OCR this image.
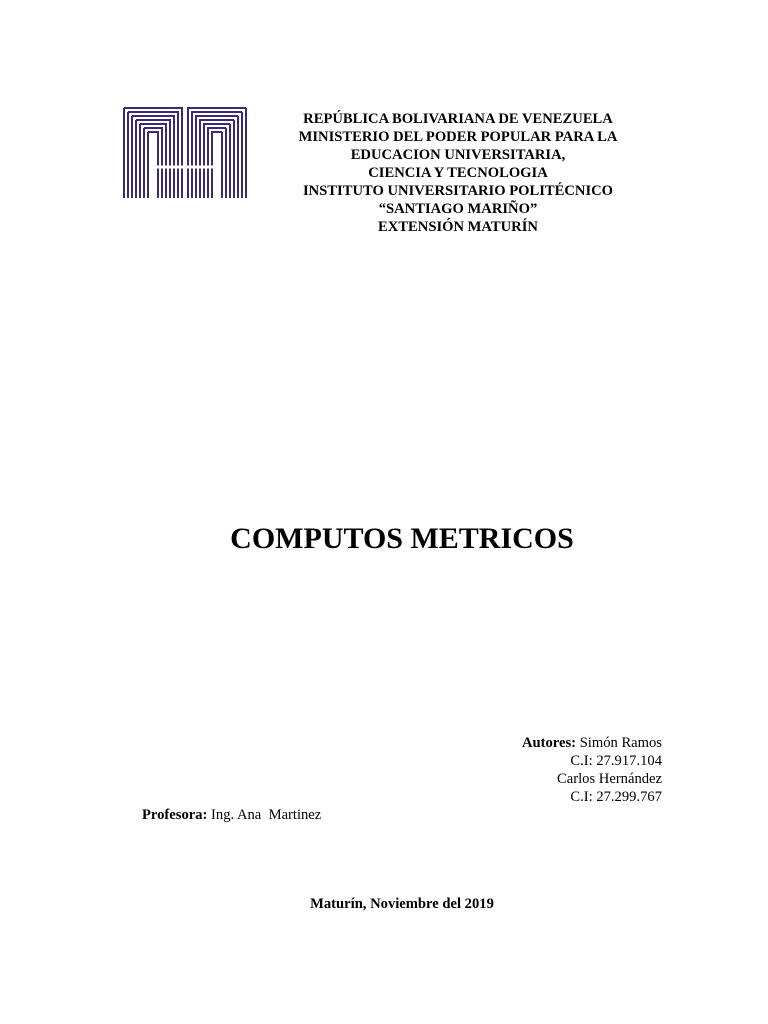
REPÚBLICA BOLIVARIANA DE VENEZUELA
MINISTERIO DEL PODER POPULAR PARA LA
EDUCACION UNIVERSITARIA,
CIENCIA Y TECNOLOGIA
INSTITUTO UNIVERSITARIO POLITÉCNICO
“SANTIAGO MARIÑO”
EXTENSIÓN MATURÍN
COMPUTOS METRICOS
Autores: Simón Ramos
C.I: 27.917.104
Carlos Hernández
C.I: 27.299.767
Profesora: Ing. Ana  Martinez
Maturín, Noviembre del 2019
